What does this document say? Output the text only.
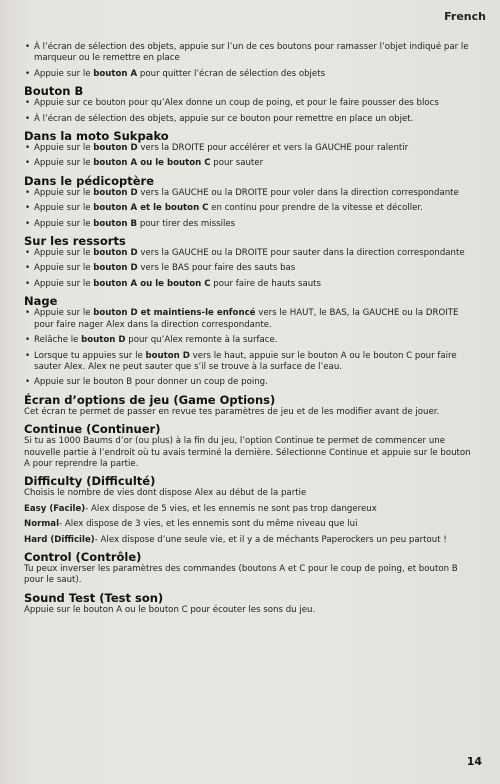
French
• À l’écran de sélection des objets, appuie sur l’un de ces boutons pour ramasser l’objet indiqué par le marqueur ou le remettre en place
• Appuie sur le bouton A pour quitter l’écran de sélection des objets
Bouton B
• Appuie sur ce bouton pour qu’Alex donne un coup de poing, et pour le faire pousser des blocs
• À l’écran de sélection des objets, appuie sur ce bouton pour remettre en place un objet.
Dans la moto Sukpako
• Appuie sur le bouton D vers la DROITE pour accélérer et vers la GAUCHE pour ralentir
• Appuie sur le bouton A ou le bouton C pour sauter
Dans le pédicoptère
• Appuie sur le bouton D vers la GAUCHE ou la DROITE pour voler dans la direction correspondante
• Appuie sur le bouton A et le bouton C en continu pour prendre de la vitesse et décoller.
• Appuie sur le bouton B pour tirer des missiles
Sur les ressorts
• Appuie sur le bouton D vers la GAUCHE ou la DROITE pour sauter dans la direction correspondante
• Appuie sur le bouton D vers le BAS pour faire des sauts bas
• Appuie sur le bouton A ou le bouton C pour faire de hauts sauts
Nage
• Appuie sur le bouton D et maintiens-le enfoncé vers le HAUT, le BAS, la GAUCHE ou la DROITE pour faire nager Alex dans la direction correspondante.
• Relâche le bouton D pour qu’Alex remonte à la surface.
• Lorsque tu appuies sur le bouton D vers le haut, appuie sur le bouton A ou le bouton C pour faire sauter Alex. Alex ne peut sauter que s’il se trouve à la surface de l’eau.
• Appuie sur le bouton B pour donner un coup de poing.
Écran d’options de jeu (Game Options)

Cet écran te permet de passer en revue tes paramètres de jeu et de les modifier avant de jouer.

Continue (Continuer)

Si tu as 1000 Baums d’or (ou plus) à la fin du jeu, l’option Continue te permet de commencer une nouvelle partie à l’endroit où tu avais terminé la dernière. Sélectionne Continue et appuie sur le bouton A pour reprendre la partie.

Difficulty (Difficulté)

Choisis le nombre de vies dont dispose Alex au début de la partie

Easy (Facile)- Alex dispose de 5 vies, et les ennemis ne sont pas trop dangereux

Normal- Alex dispose de 3 vies, et les ennemis sont du même niveau que lui

Hard (Difficile)- Alex dispose d’une seule vie, et il y a de méchants Paperockers un peu partout !

Control (Contrôle)

Tu peux inverser les paramètres des commandes (boutons A et C pour le coup de poing, et bouton B pour le saut).

Sound Test (Test son)

Appuie sur le bouton A ou le bouton C pour écouter les sons du jeu.

14
